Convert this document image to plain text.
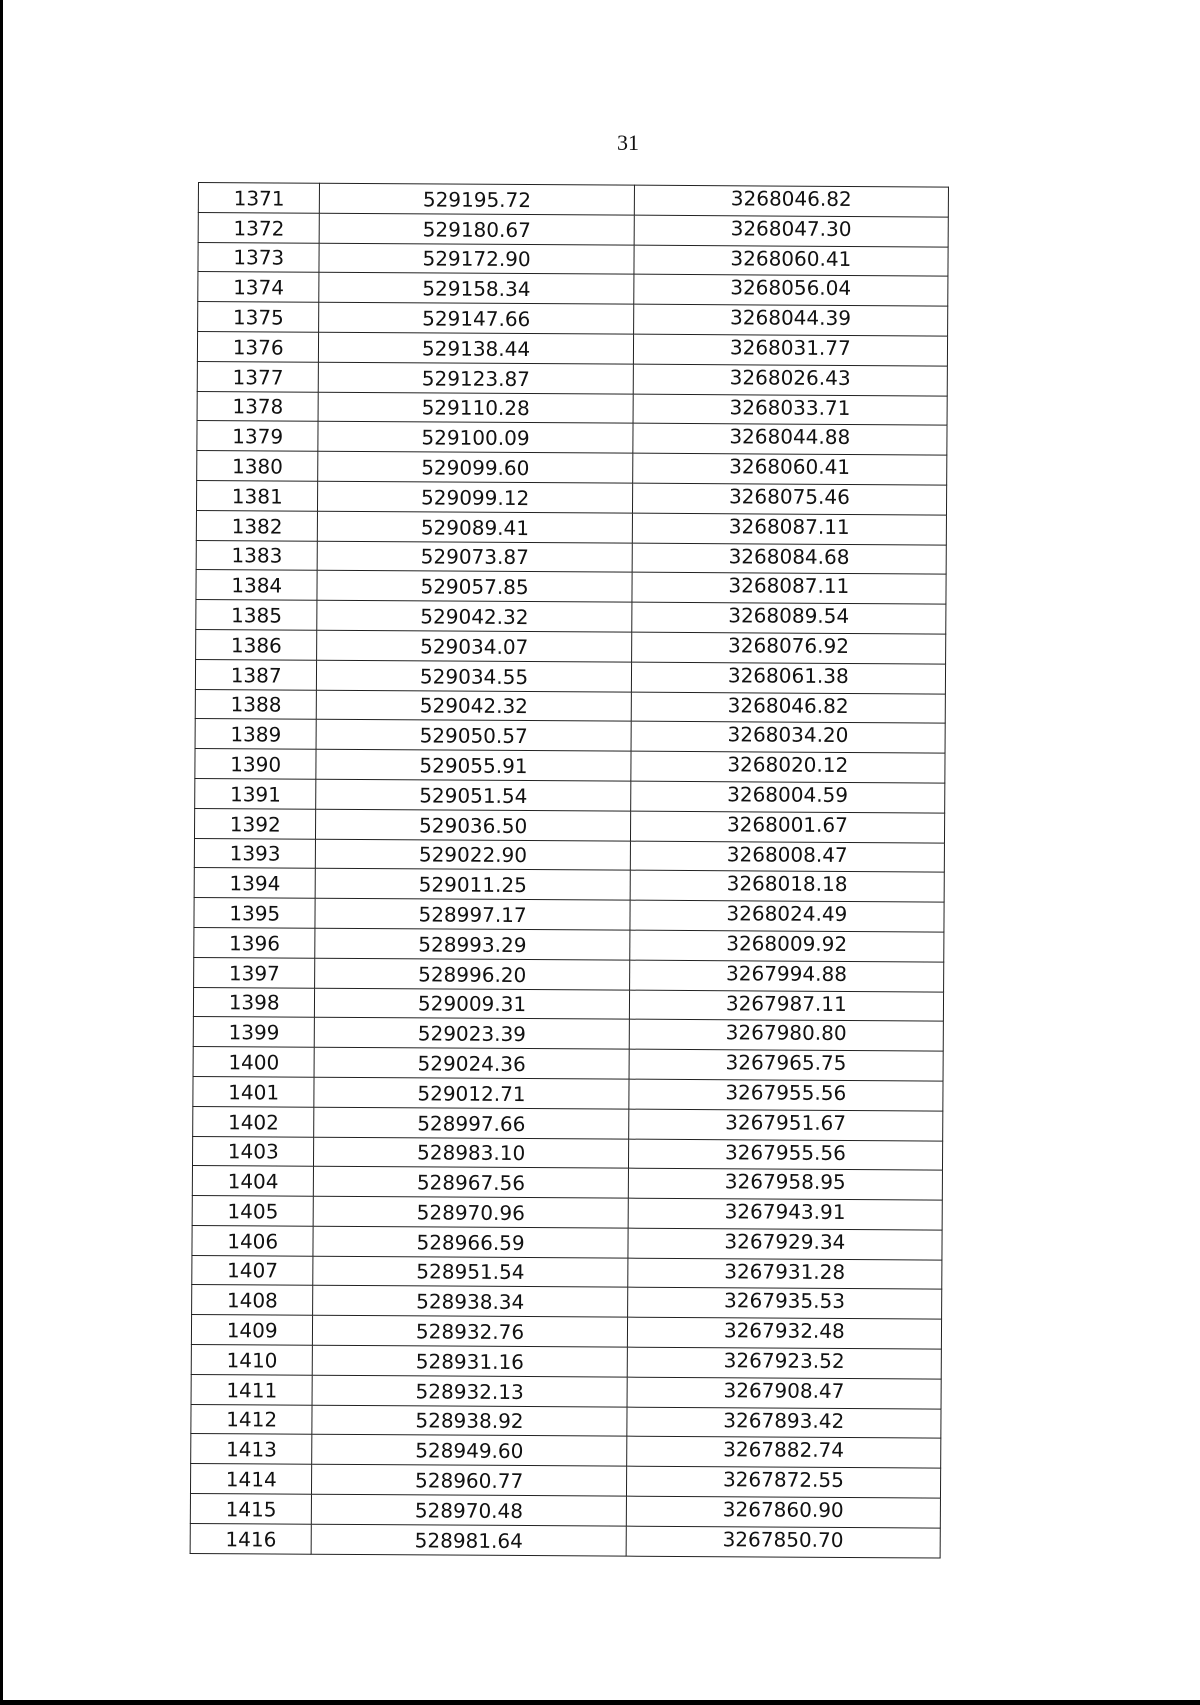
31
1371	529195.72	3268046.82
1372	529180.67	3268047.30
1373	529172.90	3268060.41
1374	529158.34	3268056.04
1375	529147.66	3268044.39
1376	529138.44	3268031.77
1377	529123.87	3268026.43
1378	529110.28	3268033.71
1379	529100.09	3268044.88
1380	529099.60	3268060.41
1381	529099.12	3268075.46
1382	529089.41	3268087.11
1383	529073.87	3268084.68
1384	529057.85	3268087.11
1385	529042.32	3268089.54
1386	529034.07	3268076.92
1387	529034.55	3268061.38
1388	529042.32	3268046.82
1389	529050.57	3268034.20
1390	529055.91	3268020.12
1391	529051.54	3268004.59
1392	529036.50	3268001.67
1393	529022.90	3268008.47
1394	529011.25	3268018.18
1395	528997.17	3268024.49
1396	528993.29	3268009.92
1397	528996.20	3267994.88
1398	529009.31	3267987.11
1399	529023.39	3267980.80
1400	529024.36	3267965.75
1401	529012.71	3267955.56
1402	528997.66	3267951.67
1403	528983.10	3267955.56
1404	528967.56	3267958.95
1405	528970.96	3267943.91
1406	528966.59	3267929.34
1407	528951.54	3267931.28
1408	528938.34	3267935.53
1409	528932.76	3267932.48
1410	528931.16	3267923.52
1411	528932.13	3267908.47
1412	528938.92	3267893.42
1413	528949.60	3267882.74
1414	528960.77	3267872.55
1415	528970.48	3267860.90
1416	528981.64	3267850.70
